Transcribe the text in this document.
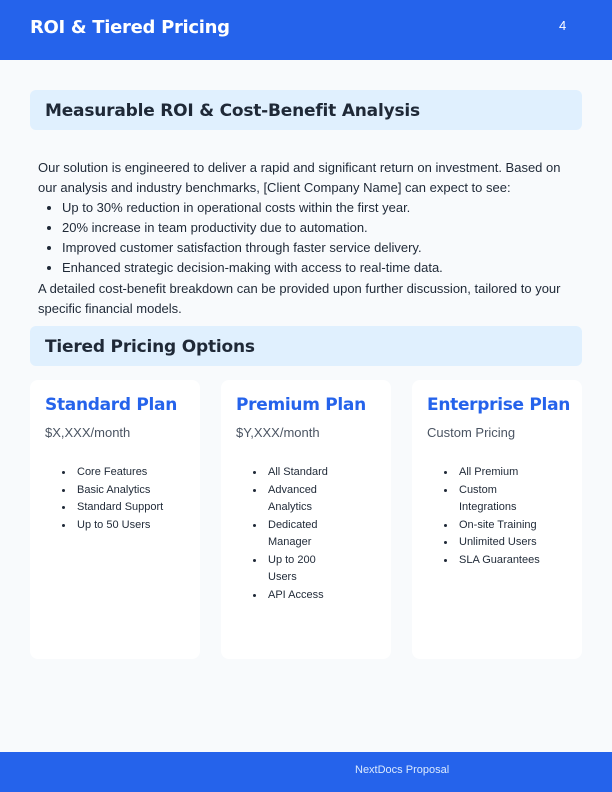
ROI & Tiered Pricing	4
Measurable ROI & Cost-Benefit Analysis

Our solution is engineered to deliver a rapid and significant return on investment. Based on our analysis and industry benchmarks, [Client Company Name] can expect to see:

Up to 30% reduction in operational costs within the first year.
20% increase in team productivity due to automation.
Improved customer satisfaction through faster service delivery.
Enhanced strategic decision-making with access to real-time data.

A detailed cost-benefit breakdown can be provided upon further discussion, tailored to your specific financial models.

Tiered Pricing Options
Standard Plan
$X,XXX/month
Core Features
Basic Analytics
Standard Support
Up to 50 Users
Premium Plan
$Y,XXX/month
All Standard
Advanced Analytics
Dedicated Manager
Up to 200 Users
API Access
Enterprise Plan
Custom Pricing
All Premium
Custom Integrations
On-site Training
Unlimited Users
SLA Guarantees
NextDocs Proposal
